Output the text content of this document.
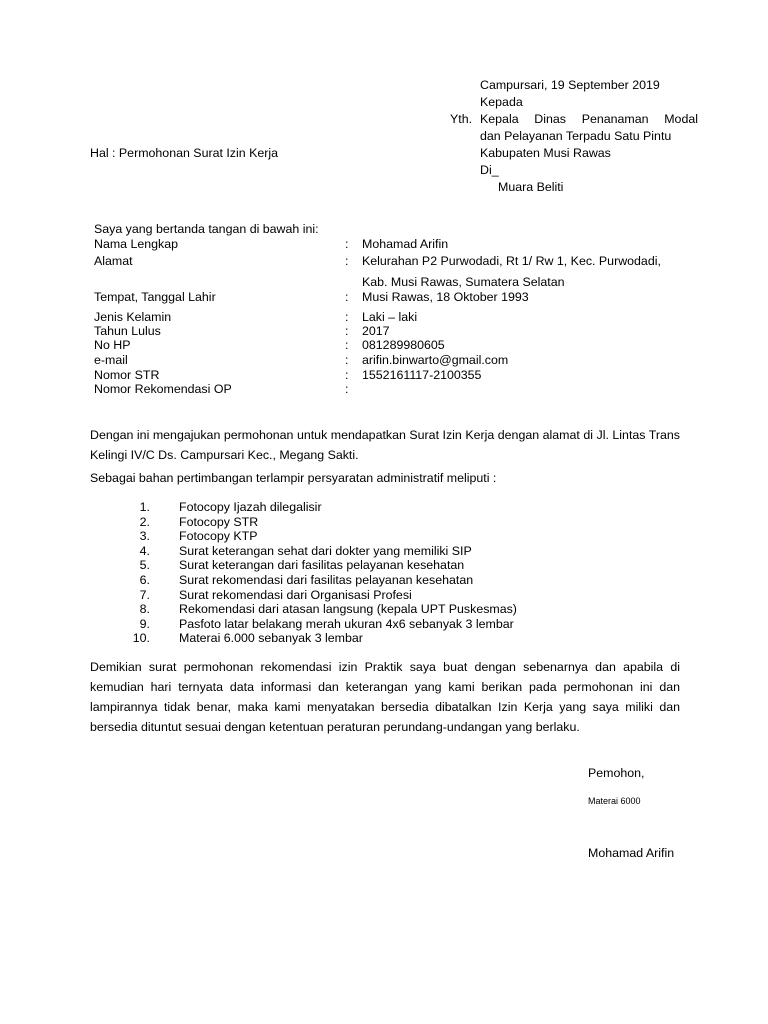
Campursari, 19 September 2019
Kepada
Kepala Dinas Penanaman Modal
dan Pelayanan Terpadu Satu Pintu
Kabupaten Musi Rawas
Di_
Muara Beliti
Yth.
Hal : Permohonan Surat Izin Kerja
Saya yang bertanda tangan di bawah ini:
Nama Lengkap	: Mohamad Arifin
Alamat	: Kelurahan P2 Purwodadi, Rt 1/ Rw 1, Kec. Purwodadi,
Kab. Musi Rawas, Sumatera Selatan
Tempat, Tanggal Lahir	: Musi Rawas, 18 Oktober 1993
Jenis Kelamin	: Laki – laki
Tahun Lulus	: 2017
No HP	: 081289980605
e-mail	: arifin.binwarto@gmail.com
Nomor STR	: 1552161117-2100355
Nomor Rekomendasi OP	:
Dengan ini mengajukan permohonan untuk mendapatkan Surat Izin Kerja dengan alamat di Jl. Lintas Trans Kelingi IV/C Ds. Campursari Kec., Megang Sakti.
Sebagai bahan pertimbangan terlampir persyaratan administratif meliputi :
1. Fotocopy Ijazah dilegalisir
2. Fotocopy STR
3. Fotocopy KTP
4. Surat keterangan sehat dari dokter yang memiliki SIP
5. Surat keterangan dari fasilitas pelayanan kesehatan
6. Surat rekomendasi dari fasilitas pelayanan kesehatan
7. Surat rekomendasi dari Organisasi Profesi
8. Rekomendasi dari atasan langsung (kepala UPT Puskesmas)
9. Pasfoto latar belakang merah ukuran 4x6 sebanyak 3 lembar
10. Materai 6.000 sebanyak 3 lembar
Demikian surat permohonan rekomendasi izin Praktik saya buat dengan sebenarnya dan apabila di kemudian hari ternyata data informasi dan keterangan yang kami berikan pada permohonan ini dan lampirannya tidak benar, maka kami menyatakan bersedia dibatalkan Izin Kerja yang saya miliki dan bersedia dituntut sesuai dengan ketentuan peraturan perundang-undangan yang berlaku.
Pemohon,
Materai 6000
Mohamad Arifin
